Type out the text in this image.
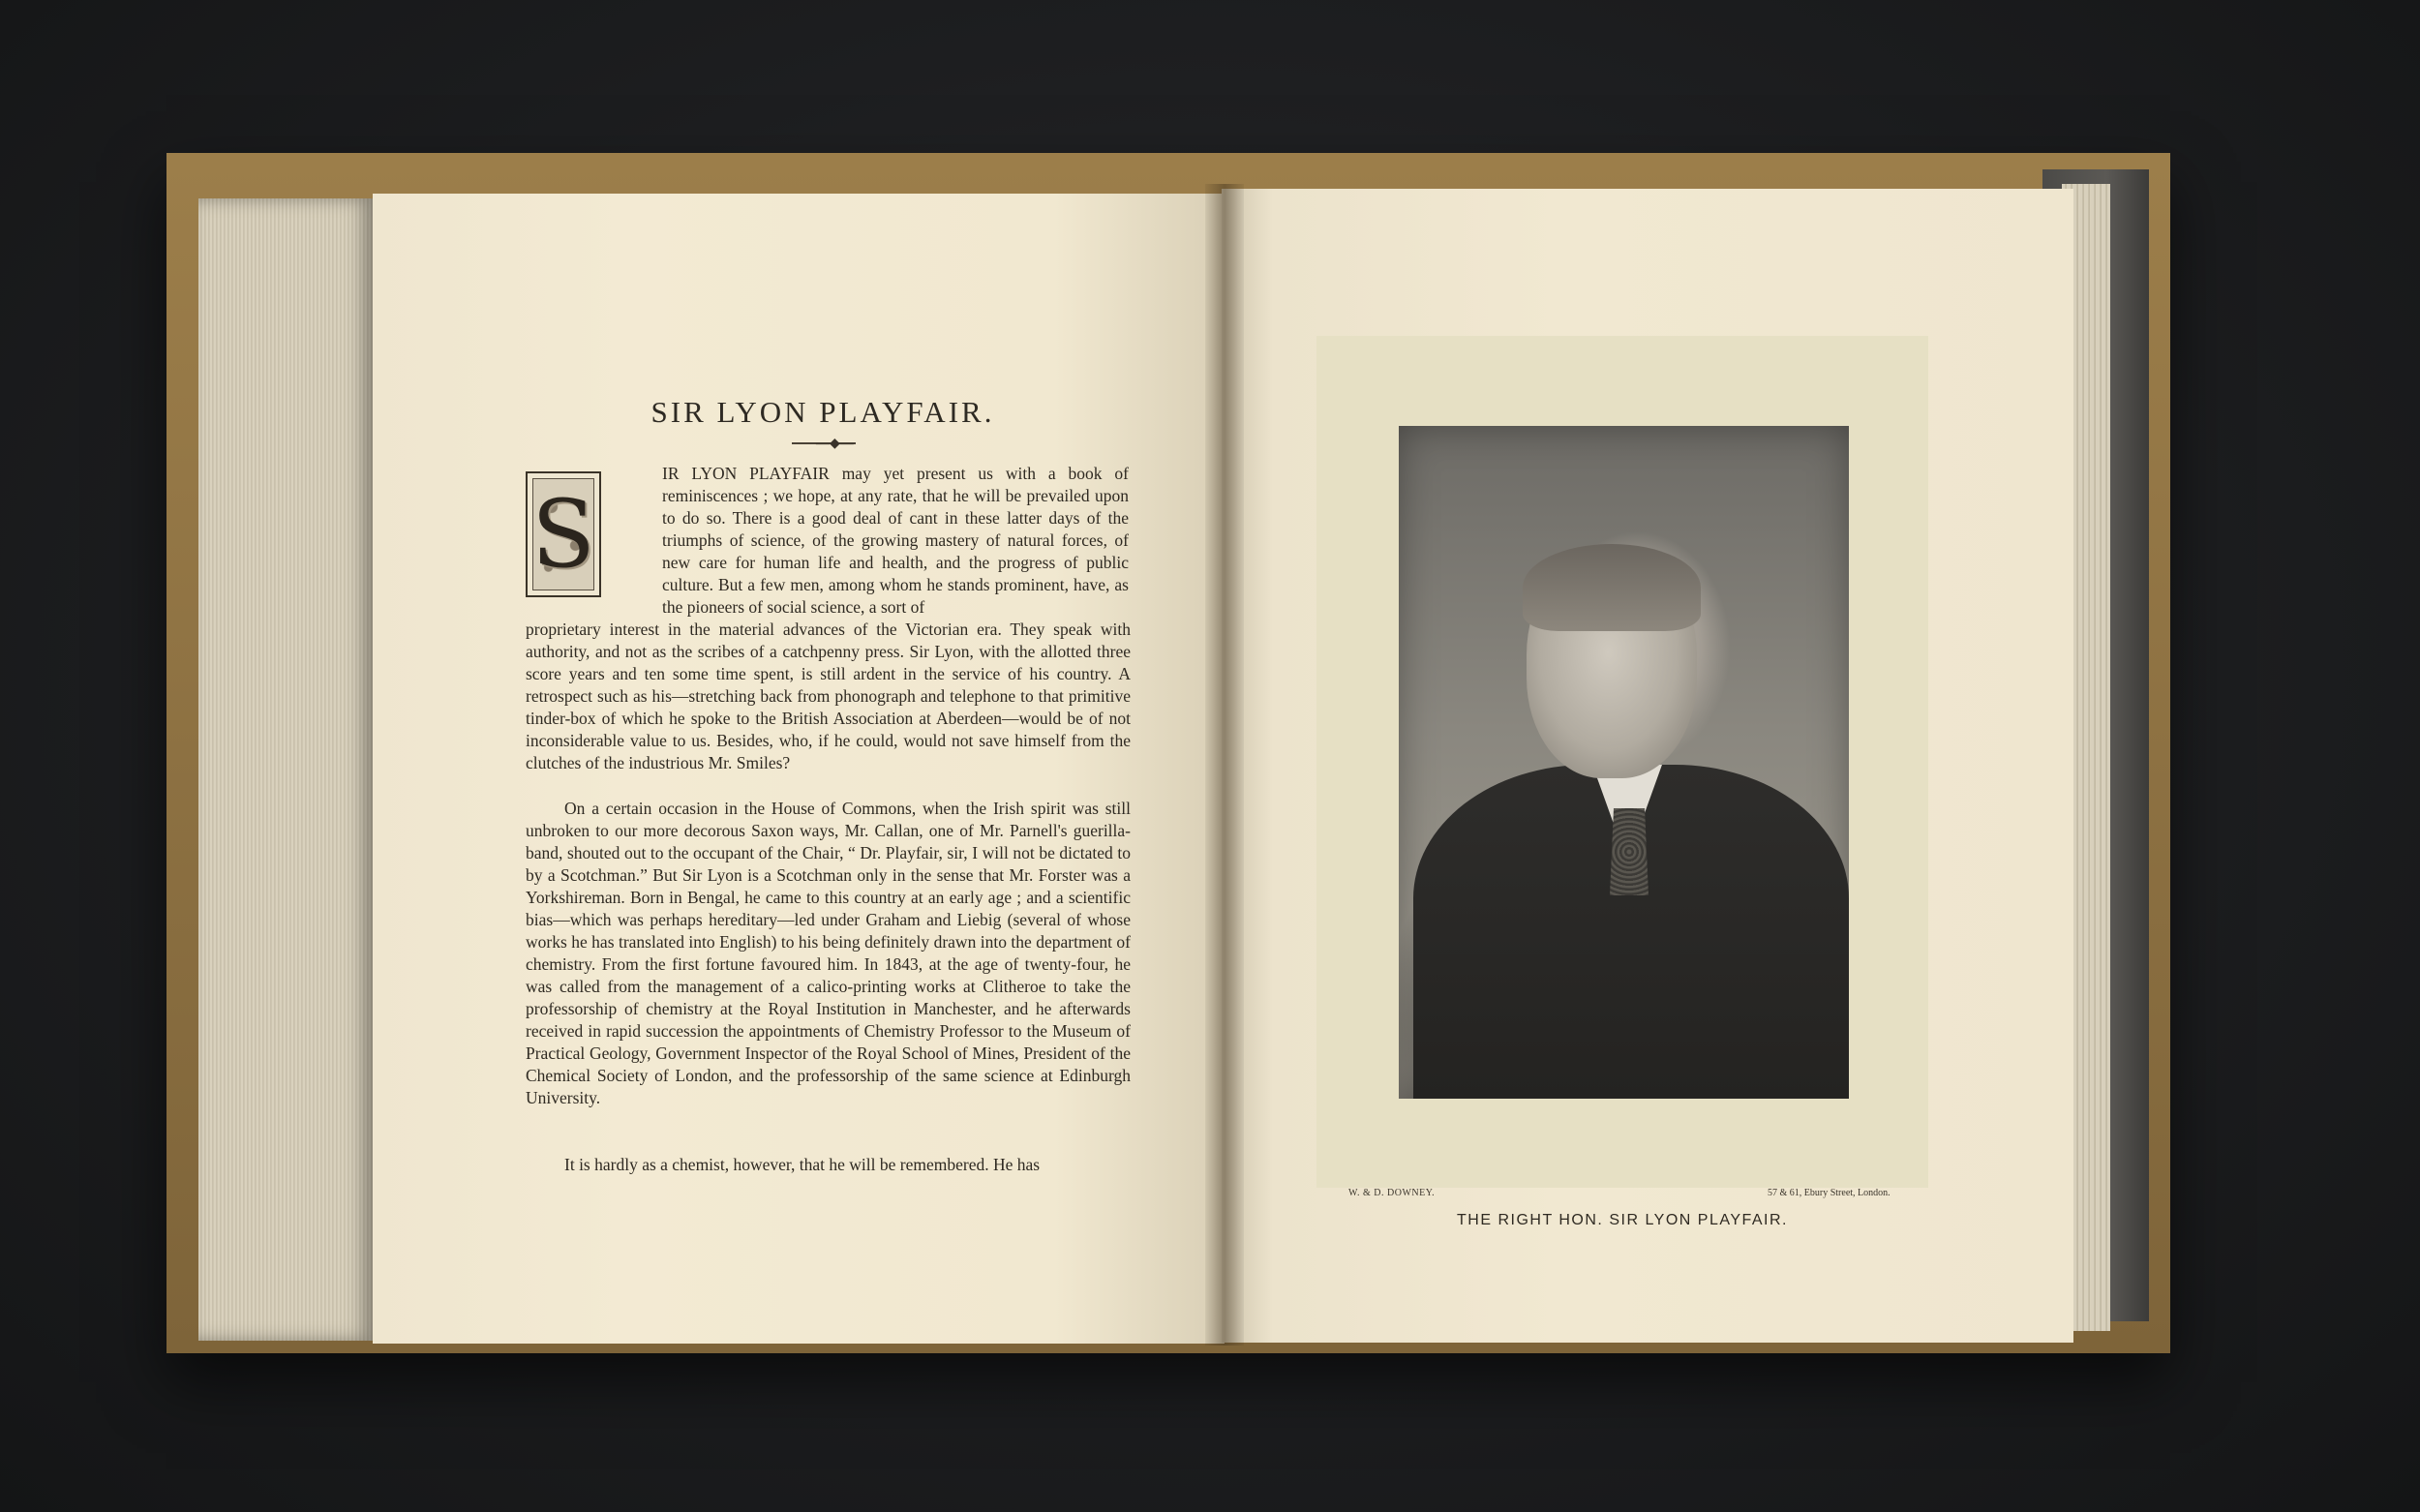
SIR LYON PLAYFAIR.
—◆—
S
IR LYON PLAYFAIR may yet present us with a book of reminiscences ; we hope, at any rate, that he will be prevailed upon to do so. There is a good deal of cant in these latter days of the triumphs of science, of the growing mastery of natural forces, of new care for human life and health, and the progress of public culture. But a few men, among whom he stands prominent, have, as the pioneers of social science, a sort of
proprietary interest in the material advances of the Victorian era. They speak with authority, and not as the scribes of a catchpenny press. Sir Lyon, with the allotted three score years and ten some time spent, is still ardent in the service of his country. A retrospect such as his—stretching back from phonograph and telephone to that primitive tinder-box of which he spoke to the British Association at Aberdeen—would be of not inconsiderable value to us. Besides, who, if he could, would not save himself from the clutches of the industrious Mr. Smiles?
On a certain occasion in the House of Commons, when the Irish spirit was still unbroken to our more decorous Saxon ways, Mr. Callan, one of Mr. Parnell's guerilla-band, shouted out to the occupant of the Chair, “ Dr. Playfair, sir, I will not be dictated to by a Scotchman.” But Sir Lyon is a Scotchman only in the sense that Mr. Forster was a Yorkshireman. Born in Bengal, he came to this country at an early age ; and a scientific bias—which was perhaps hereditary—led under Graham and Liebig (several of whose works he has translated into English) to his being definitely drawn into the department of chemistry. From the first fortune favoured him. In 1843, at the age of twenty-four, he was called from the management of a calico-printing works at Clitheroe to take the professorship of chemistry at the Royal Institution in Manchester, and he afterwards received in rapid succession the appointments of Chemistry Professor to the Museum of Practical Geology, Government Inspector of the Royal School of Mines, President of the Chemical Society of London, and the professorship of the same science at Edinburgh University.
It is hardly as a chemist, however, that he will be remembered. He has
W. & D. DOWNEY.	57 & 61, Ebury Street, London.
THE RIGHT HON. SIR LYON PLAYFAIR.
